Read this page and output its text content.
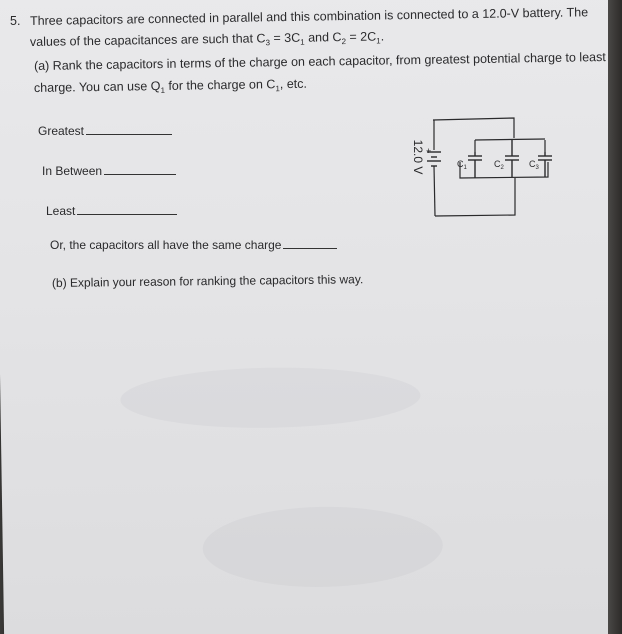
5. Three capacitors are connected in parallel and this combination is connected to a 12.0-V battery. The
values of the capacitances are such that $C_3 = 3C_1$ and $C_2 = 2C_1$.
(a) Rank the capacitors in terms of the charge on each capacitor, from greatest potential charge to least
charge. You can use $Q_1$ for the charge on $C_1$, etc.
Greatest
In Between
Least
Or, the capacitors all have the same charge
(b) Explain your reason for ranking the capacitors this way.
+
$C_1$	$C_2$	$C_3$
12.0 V
